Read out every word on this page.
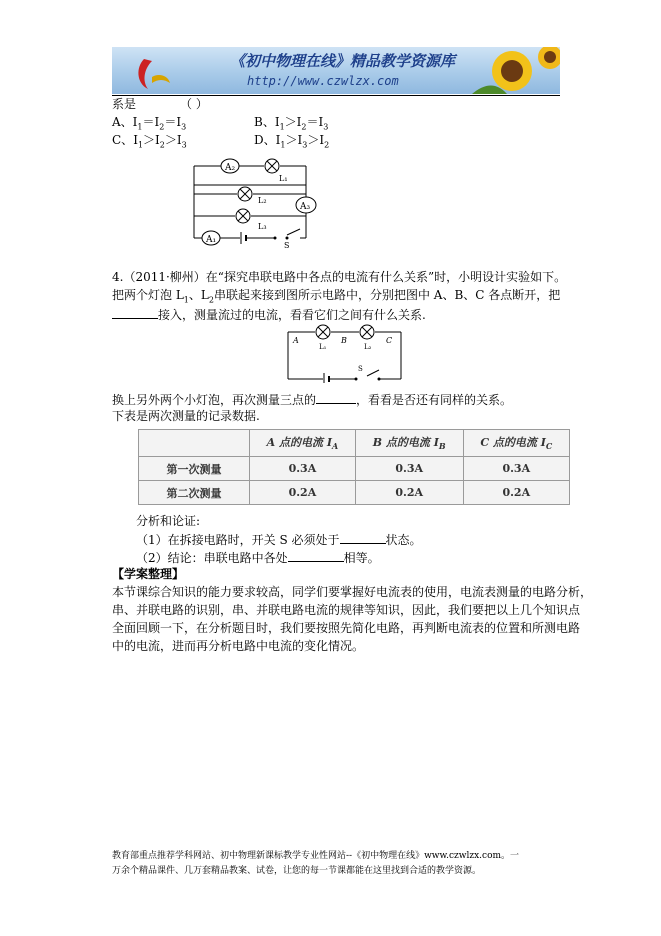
《初中物理在线》精品教学资源库
http://www.czwlzx.com
系是	（ ）
A、$I_1=I_2=I_3$	B、$I_1>I_2=I_3$
C、$I_1>I_2>I_3$	D、$I_1>I_3>I_2$
A₂
L₁
L₂
A₃
L₃
A₁
S
4.（2011·柳州）在“探究串联电路中各点的电流有什么关系”时，小明设计实验如下。
把两个灯泡 $L_1$、$L_2$串联起来接到图所示电路中，分别把图中 A、B、C 各点断开，把
接入，测量流过的电流，看看它们之间有什么关系.
L₁	L₂
A	B	C
S
换上另外两个小灯泡，再次测量三点的	，看看是否还有同样的关系。
下表是两次测量的记录数据.
	A 点的电流 $I_A$	B 点的电流 $I_B$	C 点的电流 $I_C$
第一次测量	0.3A	0.3A	0.3A
第二次测量	0.2A	0.2A	0.2A
分析和论证:
（1）在拆接电路时，开关 S 必须处于	状态。
（2）结论：串联电路中各处	相等。
【学案整理】
本节课综合知识的能力要求较高，同学们要掌握好电流表的使用，电流表测量的电路分析，
串、并联电路的识别，串、并联电路电流的规律等知识，因此，我们要把以上几个知识点
全面回顾一下，在分析题目时，我们要按照先简化电路，再判断电流表的位置和所测电路
中的电流，进而再分析电路中电流的变化情况。
教育部重点推荐学科网站、初中物理新课标教学专业性网站--《初中物理在线》www.czwlzx.com。一
万余个精品课件、几万套精品教案、试卷，让您的每一节课都能在这里找到合适的教学资源。
